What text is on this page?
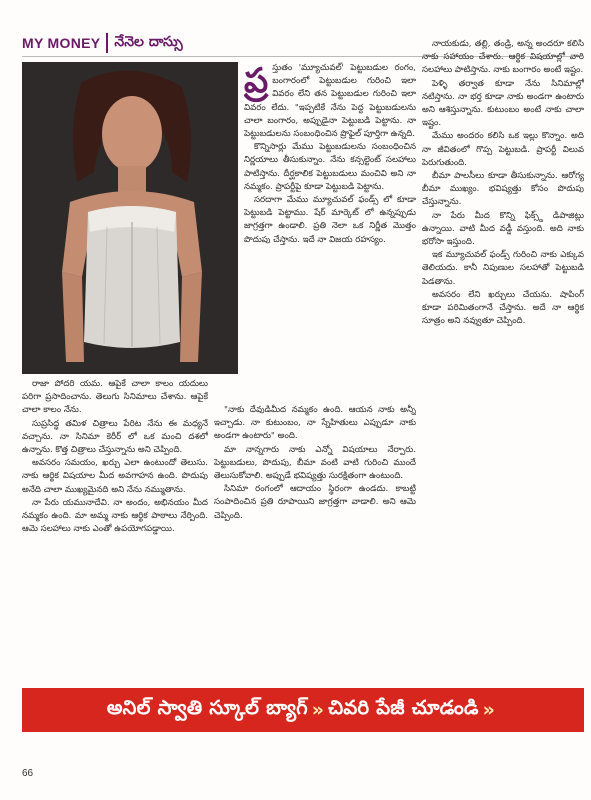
MY MONEY నేనెల దాస్సు

ప్ర స్తుతం 'మ్యూచువల్' పెట్టుబడుల రంగం, బంగారంలో పెట్టుబడుల గురించి ఇలా వివరం లేని తన పెట్టుబడుల గురించి ఇలా వివరం లేదు. "ఇప్పటికే నేను పెద్ద పెట్టుబడులను చాలా బంగారం, అప్పుడైనా పెట్టుబడి పెట్టాను. నా పెట్టుబడులను సంబంధించిన ప్రొఫైల్ పూర్తిగా ఉన్నది.

కొన్నిసార్లు మేము పెట్టుబడులను సంబంధించిన నిర్ణయాలు తీసుకున్నాం. నేను కన్సల్టెంట్ సలహాలు పాటిస్తాను. దీర్ఘకాలిక పెట్టుబడులు మంచివి అని నా నమ్మకం. ప్రాపర్టీపై కూడా పెట్టుబడి పెట్టాను.

సరదాగా మేము మ్యూచువల్ ఫండ్స్ లో కూడా పెట్టుబడి పెట్టాము. షేర్ మార్కెట్ లో ఉన్నప్పుడు జాగ్రత్తగా ఉండాలి. ప్రతి నెలా ఒక నిర్ణీత మొత్తం పొదుపు చేస్తాను. ఇదే నా విజయ రహస్యం.

రాజా పోదరి యమ. ఆపైకే చాలా కాలం యదులు పరిగా ప్రసాదించాను. తెలుగు సినిమాలు చేశాను. ఆపైకే చాలా కాలం నేను.

సుప్రసిద్ధ తమిళ చిత్రాలు పేరిట నేను ఈ మధ్యనే వచ్చాను. నా సినిమా కెరీర్ లో ఒక మంచి దశలో ఉన్నాను. కొత్త చిత్రాలు చేస్తున్నాను అని చెప్పింది.

అవసరం సమయం, ఖర్చు ఎలా ఉంటుందో తెలుసు. నాకు ఆర్థిక విషయాల మీద అవగాహన ఉంది. పొదుపు అనేది చాలా ముఖ్యమైనది అని నేను నమ్ముతాను.

నా పేరు యమునాదేవి. నా అందం, అభినయం మీద నమ్మకం ఉంది. మా అమ్మ నాకు ఆర్థిక పాఠాలు నేర్పింది. ఆమె సలహాలు నాకు ఎంతో ఉపయోగపడ్డాయి.

"నాకు దేవుడిమీద నమ్మకం ఉంది. ఆయన నాకు అన్నీ ఇచ్చాడు. నా కుటుంబం, నా స్నేహితులు ఎప్పుడూ నాకు అండగా ఉంటారు" అంది.

మా నాన్నగారు నాకు ఎన్నో విషయాలు నేర్పారు. పెట్టుబడులు, పొదుపు, బీమా వంటి వాటి గురించి ముందే తెలుసుకోవాలి. అప్పుడే భవిష్యత్తు సురక్షితంగా ఉంటుంది.

సినిమా రంగంలో ఆదాయం స్థిరంగా ఉండదు. కాబట్టి సంపాదించిన ప్రతి రూపాయిని జాగ్రత్తగా వాడాలి. అని ఆమె చెప్పింది.

నాయకుడు, తల్లి, తండ్రి, అన్న అందరూ కలిసి నాకు సహాయం చేశారు. ఆర్థిక విషయాల్లో వారి సలహాలు పాటిస్తాను. నాకు బంగారం అంటే ఇష్టం.

పెళ్ళి తర్వాత కూడా నేను సినిమాల్లో నటిస్తాను. నా భర్త కూడా నాకు అండగా ఉంటారు అని ఆశిస్తున్నాను. కుటుంబం అంటే నాకు చాలా ఇష్టం.

మేము అందరం కలిసి ఒక ఇల్లు కొన్నాం. అది నా జీవితంలో గొప్ప పెట్టుబడి. ప్రాపర్టీ విలువ పెరుగుతుంది.

బీమా పాలసీలు కూడా తీసుకున్నాను. ఆరోగ్య బీమా ముఖ్యం. భవిష్యత్తు కోసం పొదుపు చేస్తున్నాను.

నా పేరు మీద కొన్ని ఫిక్స్డ్ డిపాజిట్లు ఉన్నాయి. వాటి మీద వడ్డీ వస్తుంది. అది నాకు భరోసా ఇస్తుంది.

ఇక మ్యూచువల్ ఫండ్స్ గురించి నాకు ఎక్కువ తెలియదు. కానీ నిపుణుల సలహాతో పెట్టుబడి పెడతాను.

అవసరం లేని ఖర్చులు చేయను. షాపింగ్ కూడా పరిమితంగానే చేస్తాను. అదే నా ఆర్థిక సూత్రం అని నవ్వుతూ చెప్పింది.

అనిల్ స్వాతి స్కూల్ బ్యాగ్ » చివరి పేజీ చూడండి »
66
